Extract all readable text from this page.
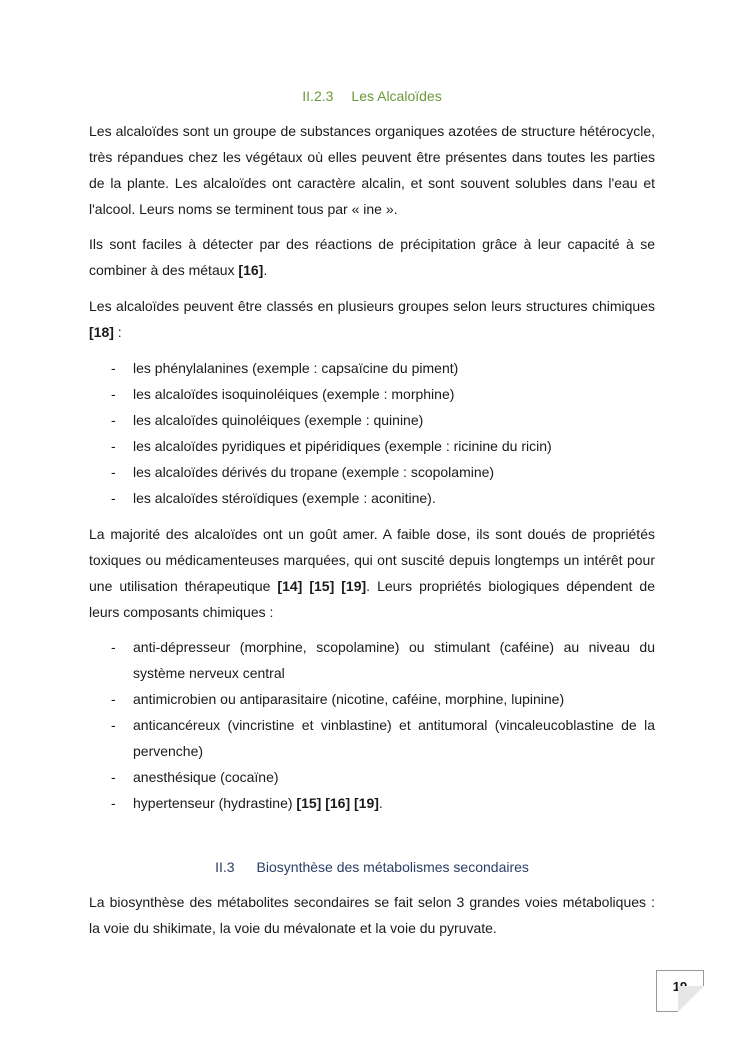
II.2.3 Les Alcaloïdes

Les alcaloïdes sont un groupe de substances organiques azotées de structure hétérocycle, très répandues chez les végétaux où elles peuvent être présentes dans toutes les parties de la plante. Les alcaloïdes ont caractère alcalin, et sont souvent solubles dans l'eau et l'alcool. Leurs noms se terminent tous par « ine ».

Ils sont faciles à détecter par des réactions de précipitation grâce à leur capacité à se combiner à des métaux [16].

Les alcaloïdes peuvent être classés en plusieurs groupes selon leurs structures chimiques [18] :

- les phénylalanines (exemple : capsaïcine du piment)
- les alcaloïdes isoquinoléiques (exemple : morphine)
- les alcaloïdes quinoléiques (exemple : quinine)
- les alcaloïdes pyridiques et pipéridiques (exemple : ricinine du ricin)
- les alcaloïdes dérivés du tropane (exemple : scopolamine)
- les alcaloïdes stéroïdiques (exemple : aconitine).

La majorité des alcaloïdes ont un goût amer. A faible dose, ils sont doués de propriétés toxiques ou médicamenteuses marquées, qui ont suscité depuis longtemps un intérêt pour une utilisation thérapeutique [14] [15] [19]. Leurs propriétés biologiques dépendent de leurs composants chimiques :

- anti-dépresseur (morphine, scopolamine) ou stimulant (caféine) au niveau du système nerveux central
- antimicrobien ou antiparasitaire (nicotine, caféine, morphine, lupinine)
- anticancéreux (vincristine et vinblastine) et antitumoral (vincaleucoblastine de la pervenche)
- anesthésique (cocaïne)
- hypertenseur (hydrastine) [15] [16] [19].
II.3 Biosynthèse des métabolismes secondaires

La biosynthèse des métabolites secondaires se fait selon 3 grandes voies métaboliques : la voie du shikimate, la voie du mévalonate et la voie du pyruvate.

19
